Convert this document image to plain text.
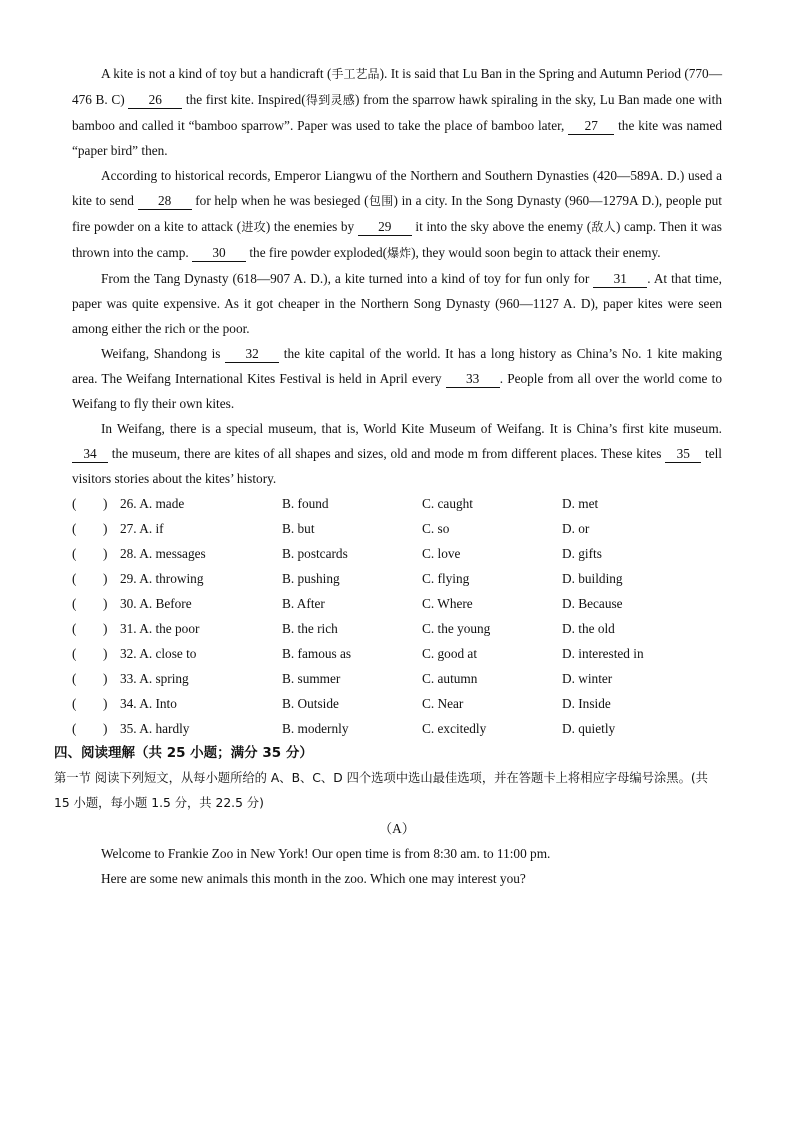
A kite is not a kind of toy but a handicraft (手工艺品). It is said that Lu Ban in the Spring and Autumn Period (770—476 B. C) 26 the first kite. Inspired(得到灵感) from the sparrow hawk spiraling in the sky, Lu Ban made one with bamboo and called it “bamboo sparrow”. Paper was used to take the place of bamboo later, 27 the kite was named “paper bird” then.

According to historical records, Emperor Liangwu of the Northern and Southern Dynasties (420—589A. D.) used a kite to send 28 for help when he was besieged (包围) in a city. In the Song Dynasty (960—1279A D.), people put fire powder on a kite to attack (进攻) the enemies by 29 it into the sky above the enemy (敌人) camp. Then it was thrown into the camp. 30 the fire powder exploded(爆炸), they would soon begin to attack their enemy.

From the Tang Dynasty (618—907 A. D.), a kite turned into a kind of toy for fun only for 31 . At that time, paper was quite expensive. As it got cheaper in the Northern Song Dynasty (960—1127 A. D), paper kites were seen among either the rich or the poor.

Weifang, Shandong is 32 the kite capital of the world. It has a long history as China’s No. 1 kite making area. The Weifang International Kites Festival is held in April every 33 . People from all over the world come to Weifang to fly their own kites.

In Weifang, there is a special museum, that is, World Kite Museum of Weifang. It is China’s first kite museum. 34 the museum, there are kites of all shapes and sizes, old and mode m from different places. These kites 35 tell visitors stories about the kites’ history.

(　　) 26. A. made	B. found	C. caught	D. met
(　　) 27. A. if	B. but	C. so	D. or
(　　) 28. A. messages	B. postcards	C. love	D. gifts
(　　) 29. A. throwing	B. pushing	C. flying	D. building
(　　) 30. A. Before	B. After	C. Where	D. Because
(　　) 31. A. the poor	B. the rich	C. the young	D. the old
(　　) 32. A. close to	B. famous as	C. good at	D. interested in
(　　) 33. A. spring	B. summer	C. autumn	D. winter
(　　) 34. A. Into	B. Outside	C. Near	D. Inside
(　　) 35. A. hardly	B. modernly	C. excitedly	D. quietly

四、阅读理解（共 25 小题；满分 35 分）

第一节 阅读下列短文，从每小题所给的 A、B、C、D 四个选项中选山最佳选项，并在答题卡上将相应字母编号涂黑。(共 15 小题，每小题 1.5 分，共 22.5 分)

（A）

Welcome to Frankie Zoo in New York! Our open time is from 8:30 am. to 11:00 pm.

Here are some new animals this month in the zoo. Which one may interest you?
